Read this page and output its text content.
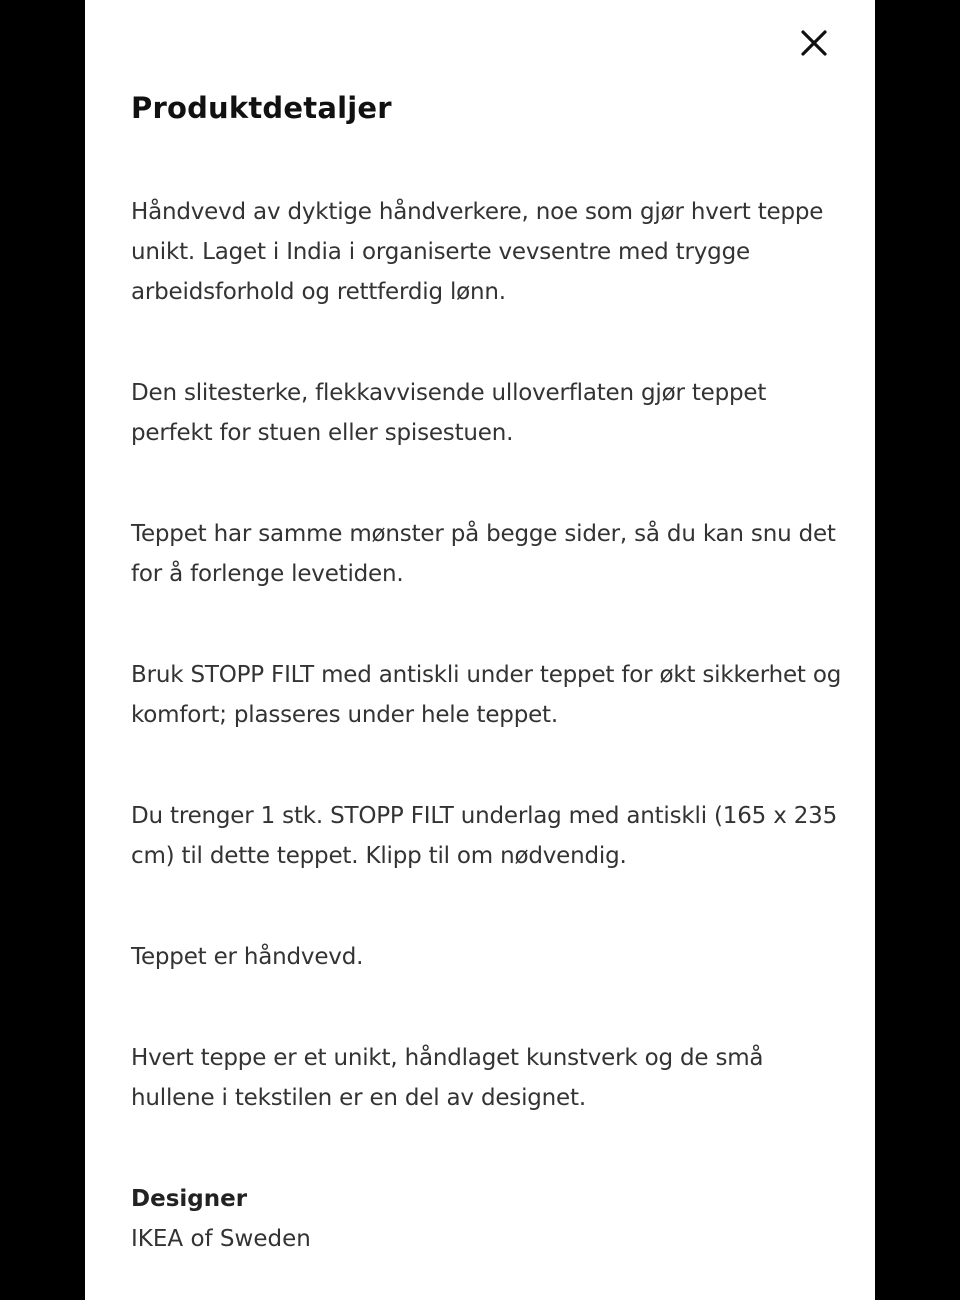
Produktdetaljer

Håndvevd av dyktige håndverkere, noe som gjør hvert teppe unikt. Laget i India i organiserte vevsentre med trygge arbeidsforhold og rettferdig lønn.

Den slitesterke, flekkavvisende ulloverflaten gjør teppet perfekt for stuen eller spisestuen.

Teppet har samme mønster på begge sider, så du kan snu det for å forlenge levetiden.

Bruk STOPP FILT med antiskli under teppet for økt sikkerhet og komfort; plasseres under hele teppet.

Du trenger 1 stk. STOPP FILT underlag med antiskli (165 x 235 cm) til dette teppet. Klipp til om nødvendig.

Teppet er håndvevd.

Hvert teppe er et unikt, håndlaget kunstverk og de små hullene i tekstilen er en del av designet.

Designer
IKEA of Sweden
